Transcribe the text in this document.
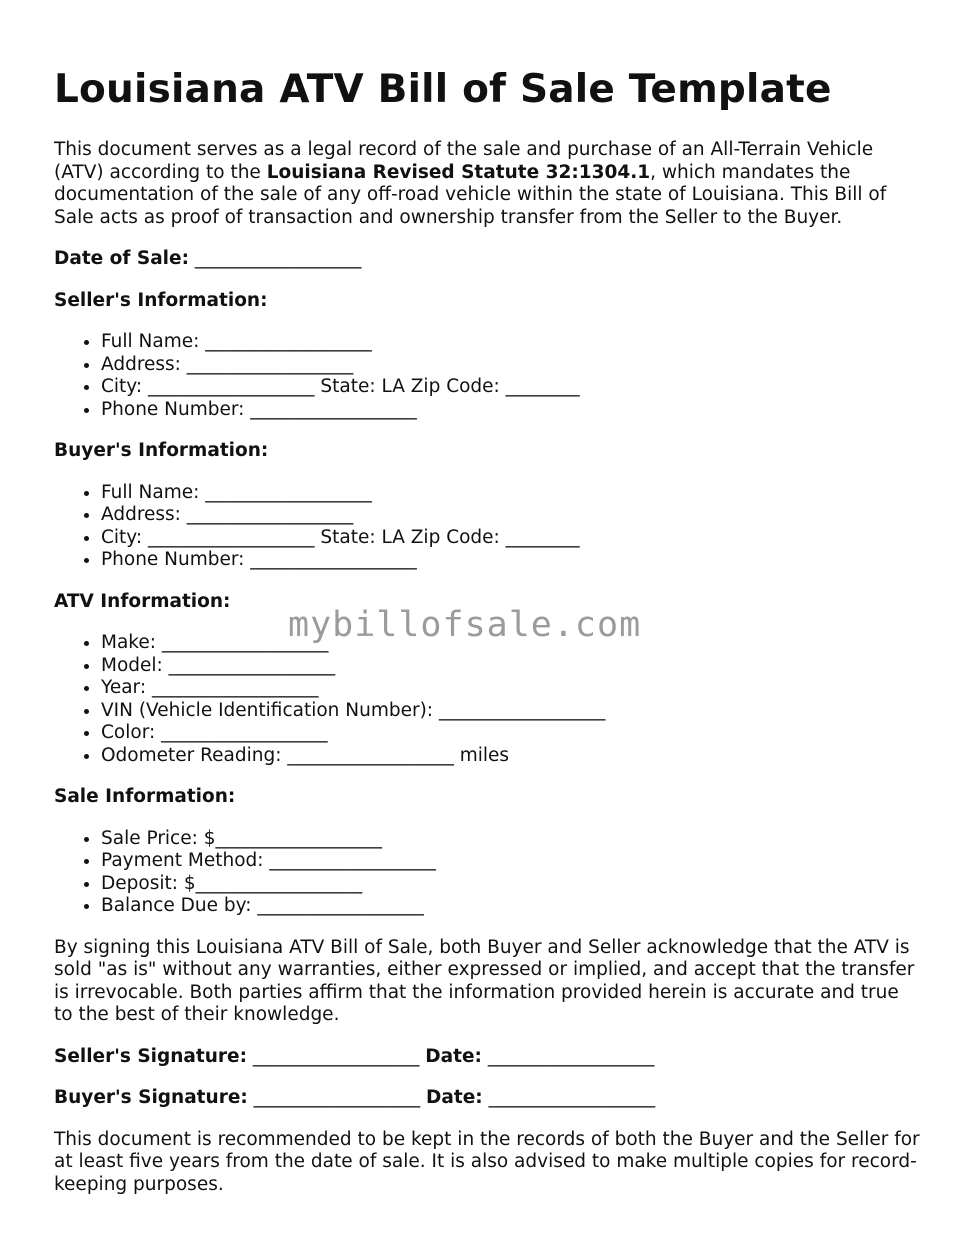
Louisiana ATV Bill of Sale Template

This document serves as a legal record of the sale and purchase of an All-Terrain Vehicle (ATV) according to the Louisiana Revised Statute 32:1304.1, which mandates the documentation of the sale of any off-road vehicle within the state of Louisiana. This Bill of Sale acts as proof of transaction and ownership transfer from the Seller to the Buyer.

Date of Sale: __________________
Seller's Information:
• Full Name: __________________
• Address: __________________
• City: __________________ State: LA Zip Code: ________
• Phone Number: __________________
Buyer's Information:
• Full Name: __________________
• Address: __________________
• City: __________________ State: LA Zip Code: ________
• Phone Number: __________________
ATV Information:
• Make: __________________
• Model: __________________
• Year: __________________
• VIN (Vehicle Identification Number): __________________
• Color: __________________
• Odometer Reading: __________________ miles
Sale Information:
• Sale Price: $__________________
• Payment Method: __________________
• Deposit: $__________________
• Balance Due by: __________________

By signing this Louisiana ATV Bill of Sale, both Buyer and Seller acknowledge that the ATV is sold "as is" without any warranties, either expressed or implied, and accept that the transfer is irrevocable. Both parties affirm that the information provided herein is accurate and true to the best of their knowledge.

Seller's Signature: __________________ Date: __________________
Buyer's Signature: __________________ Date: __________________

This document is recommended to be kept in the records of both the Buyer and the Seller for at least five years from the date of sale. It is also advised to make multiple copies for record-keeping purposes.

mybillofsale.com
